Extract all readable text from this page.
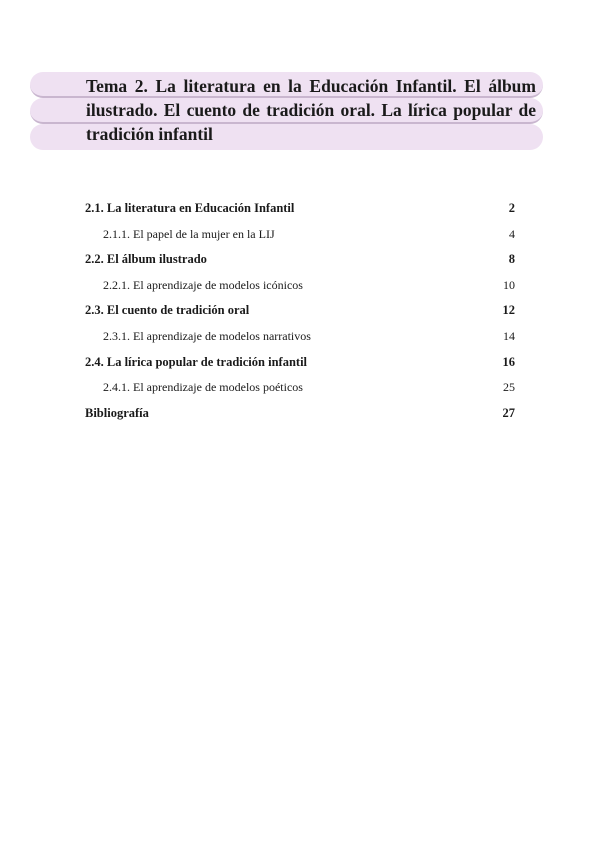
Tema 2. La literatura en la Educación Infantil. El álbum ilustrado. El cuento de tradición oral. La lírica popular de tradición infantil
2.1. La literatura en Educación Infantil	2
2.1.1. El papel de la mujer en la LIJ	4
2.2. El álbum ilustrado	8
2.2.1. El aprendizaje de modelos icónicos	10
2.3. El cuento de tradición oral	12
2.3.1. El aprendizaje de modelos narrativos	14
2.4. La lírica popular de tradición infantil	16
2.4.1. El aprendizaje de modelos poéticos	25
Bibliografía	27
